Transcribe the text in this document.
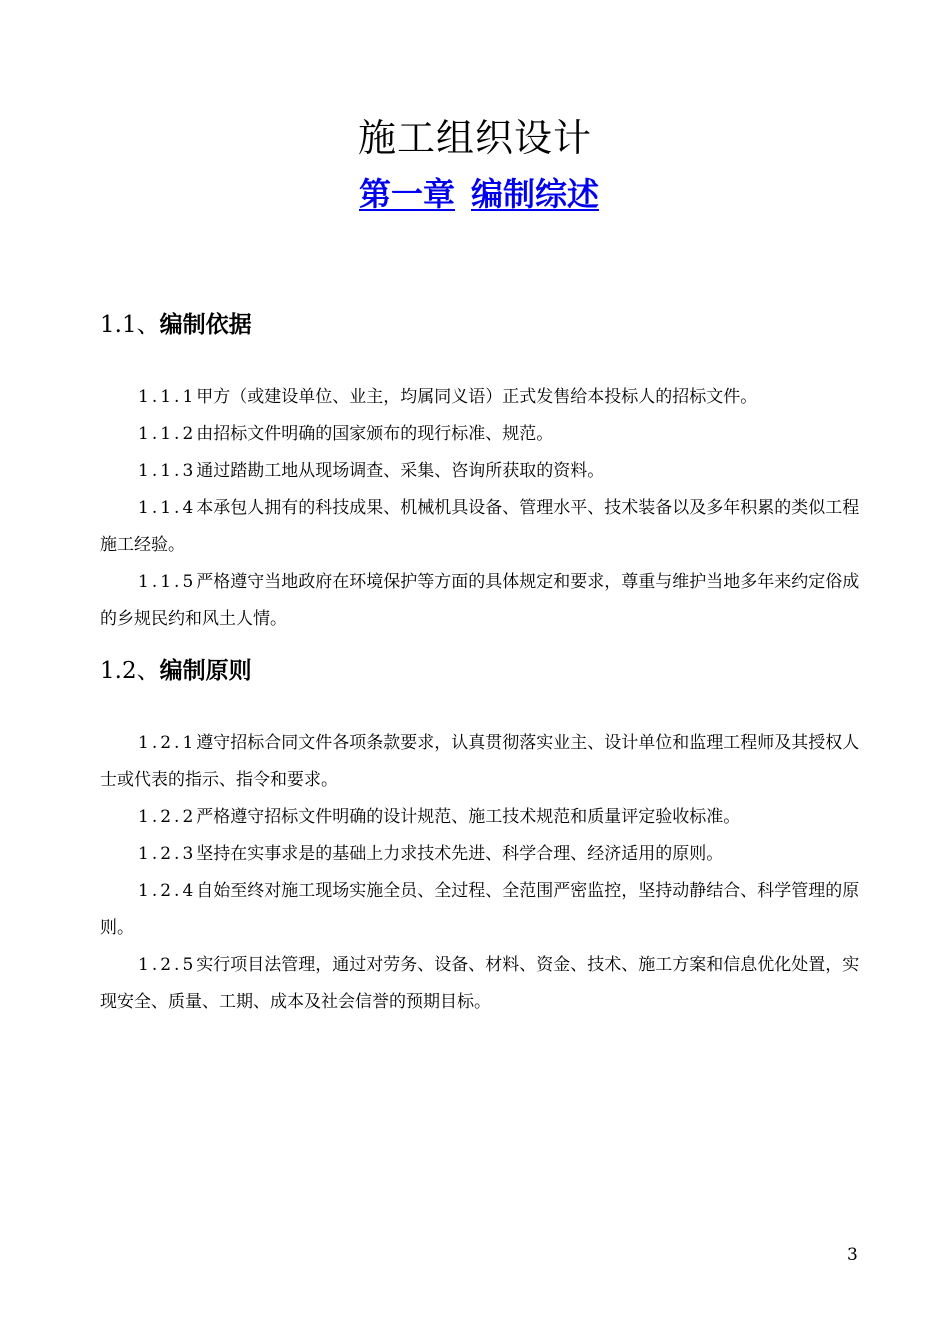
施工组织设计
第一章 编制综述
1.1、编制依据
1.1.1甲方（或建设单位、业主，均属同义语）正式发售给本投标人的招标文件。
1.1.2由招标文件明确的国家颁布的现行标准、规范。
1.1.3通过踏勘工地从现场调查、采集、咨询所获取的资料。
1.1.4本承包人拥有的科技成果、机械机具设备、管理水平、技术装备以及多年积累的类似工程施工经验。
1.1.5严格遵守当地政府在环境保护等方面的具体规定和要求，尊重与维护当地多年来约定俗成的乡规民约和风土人情。
1.2、编制原则
1.2.1遵守招标合同文件各项条款要求，认真贯彻落实业主、设计单位和监理工程师及其授权人士或代表的指示、指令和要求。
1.2.2严格遵守招标文件明确的设计规范、施工技术规范和质量评定验收标准。
1.2.3坚持在实事求是的基础上力求技术先进、科学合理、经济适用的原则。
1.2.4自始至终对施工现场实施全员、全过程、全范围严密监控，坚持动静结合、科学管理的原则。
1.2.5实行项目法管理，通过对劳务、设备、材料、资金、技术、施工方案和信息优化处置，实现安全、质量、工期、成本及社会信誉的预期目标。
3
